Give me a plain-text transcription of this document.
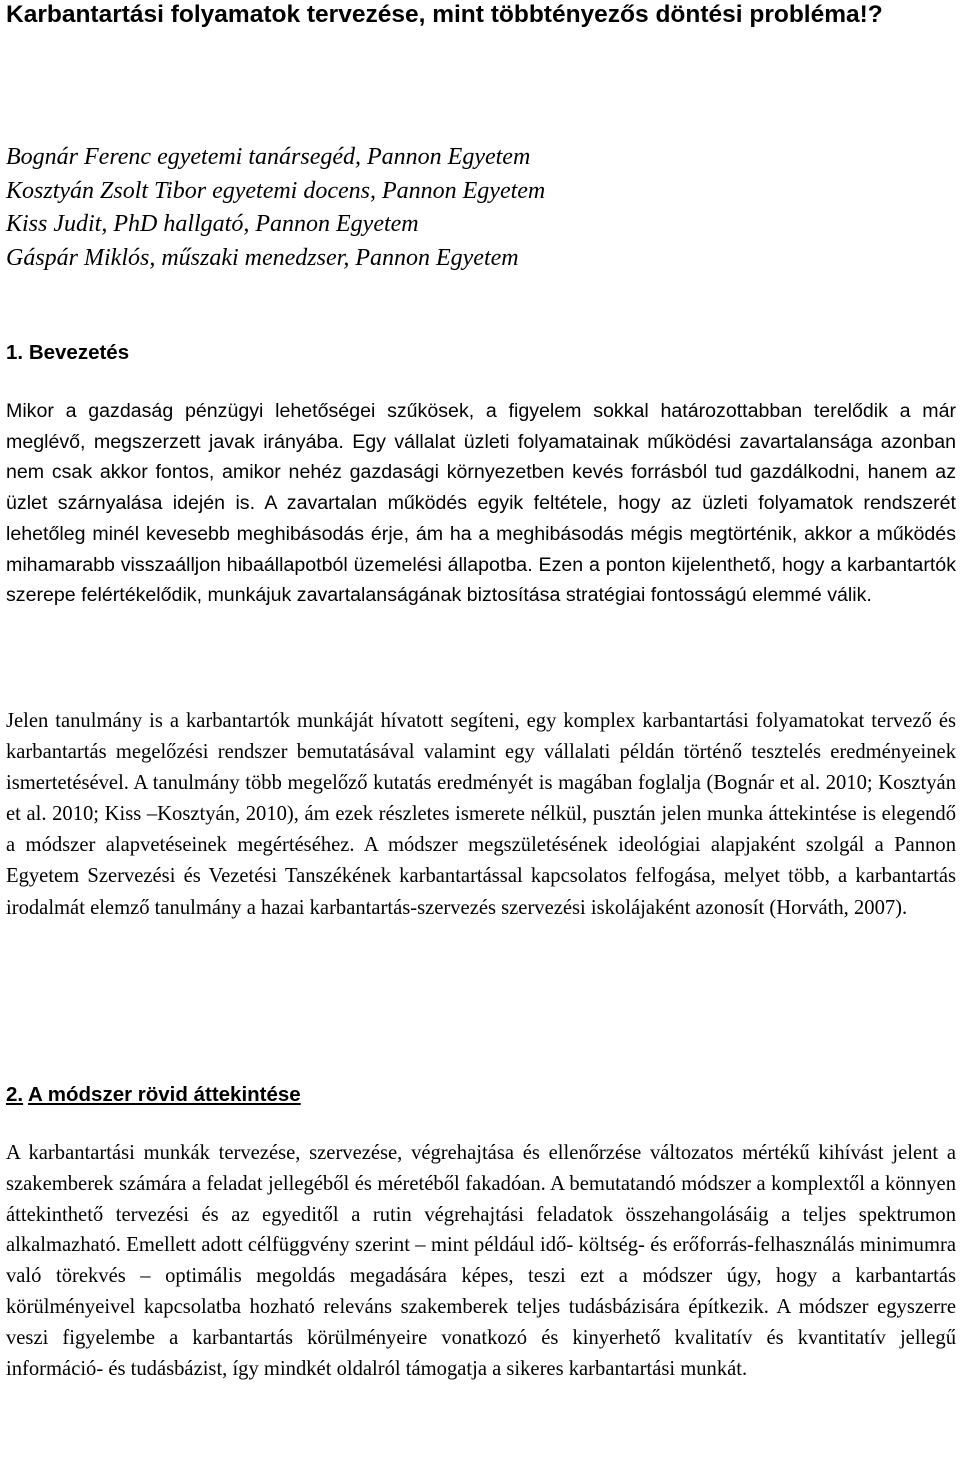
Karbantartási folyamatok tervezése, mint többtényezős döntési probléma!?
Bognár Ferenc egyetemi tanársegéd, Pannon Egyetem
Kosztyán Zsolt Tibor egyetemi docens, Pannon Egyetem
Kiss Judit, PhD hallgató, Pannon Egyetem
Gáspár Miklós, műszaki menedzser, Pannon Egyetem
1. Bevezetés

Mikor a gazdaság pénzügyi lehetőségei szűkösek, a figyelem sokkal határozottabban terelődik a már meglévő, megszerzett javak irányába. Egy vállalat üzleti folyamatainak működési zavartalansága azonban nem csak akkor fontos, amikor nehéz gazdasági környezetben kevés forrásból tud gazdálkodni, hanem az üzlet szárnyalása idején is. A zavartalan működés egyik feltétele, hogy az üzleti folyamatok rendszerét lehetőleg minél kevesebb meghibásodás érje, ám ha a meghibásodás mégis megtörténik, akkor a működés mihamarabb visszaálljon hibaállapotból üzemelési állapotba. Ezen a ponton kijelenthető, hogy a karbantartók szerepe felértékelődik, munkájuk zavartalanságának biztosítása stratégiai fontosságú elemmé válik.

Jelen tanulmány is a karbantartók munkáját hívatott segíteni, egy komplex karbantartási folyamatokat tervező és karbantartás megelőzési rendszer bemutatásával valamint egy vállalati példán történő tesztelés eredményeinek ismertetésével. A tanulmány több megelőző kutatás eredményét is magában foglalja (Bognár et al. 2010; Kosztyán et al. 2010; Kiss –Kosztyán, 2010), ám ezek részletes ismerete nélkül, pusztán jelen munka áttekintése is elegendő a módszer alapvetéseinek megértéséhez. A módszer megszületésének ideológiai alapjaként szolgál a Pannon Egyetem Szervezési és Vezetési Tanszékének karbantartással kapcsolatos felfogása, melyet több, a karbantartás irodalmát elemző tanulmány a hazai karbantartás-szervezés szervezési iskolájaként azonosít (Horváth, 2007).

2. A módszer rövid áttekintése

A karbantartási munkák tervezése, szervezése, végrehajtása és ellenőrzése változatos mértékű kihívást jelent a szakemberek számára a feladat jellegéből és méretéből fakadóan. A bemutatandó módszer a komplextől a könnyen áttekinthető tervezési és az egyeditől a rutin végrehajtási feladatok összehangolásáig a teljes spektrumon alkalmazható. Emellett adott célfüggvény szerint – mint például idő- költség- és erőforrás-felhasználás minimumra való törekvés – optimális megoldás megadására képes, teszi ezt a módszer úgy, hogy a karbantartás körülményeivel kapcsolatba hozható releváns szakemberek teljes tudásbázisára építkezik. A módszer egyszerre veszi figyelembe a karbantartás körülményeire vonatkozó és kinyerhető kvalitatív és kvantitatív jellegű információ- és tudásbázist, így mindkét oldalról támogatja a sikeres karbantartási munkát.
